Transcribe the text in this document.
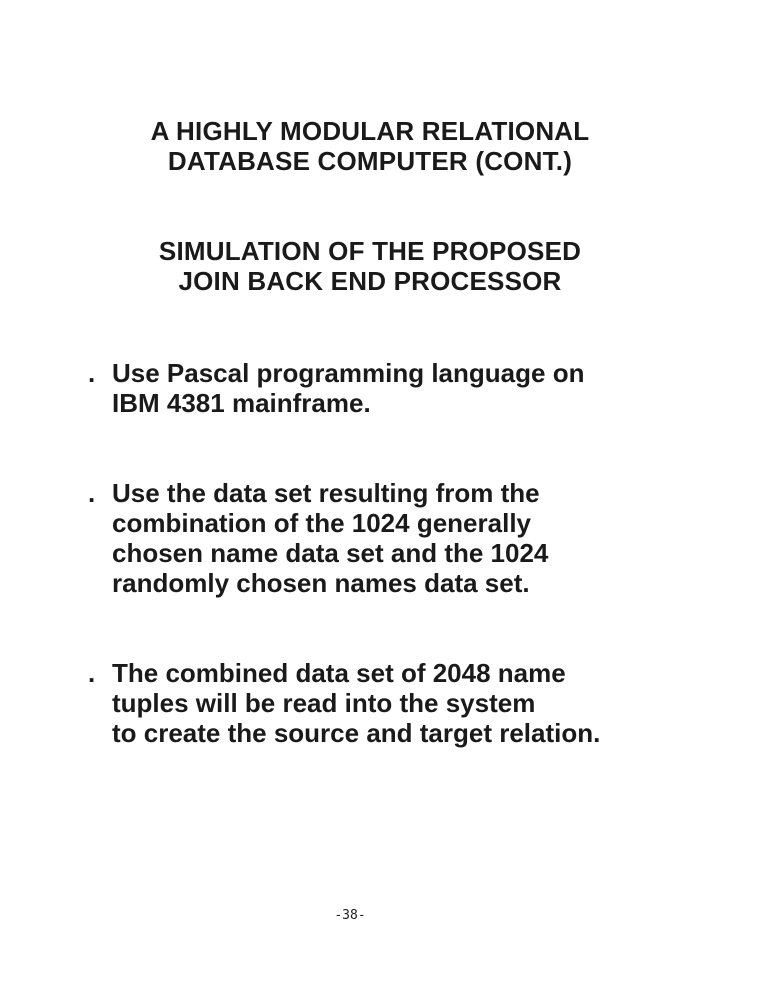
A HIGHLY MODULAR RELATIONAL
DATABASE COMPUTER (CONT.)
SIMULATION OF THE PROPOSED
JOIN BACK END PROCESSOR
. Use Pascal programming language on
IBM 4381 mainframe.
. Use the data set resulting from the
combination of the 1024 generally
chosen name data set and the 1024
randomly chosen names data set.
. The combined data set of 2048 name
tuples will be read into the system
to create the source and target relation.
-38-
